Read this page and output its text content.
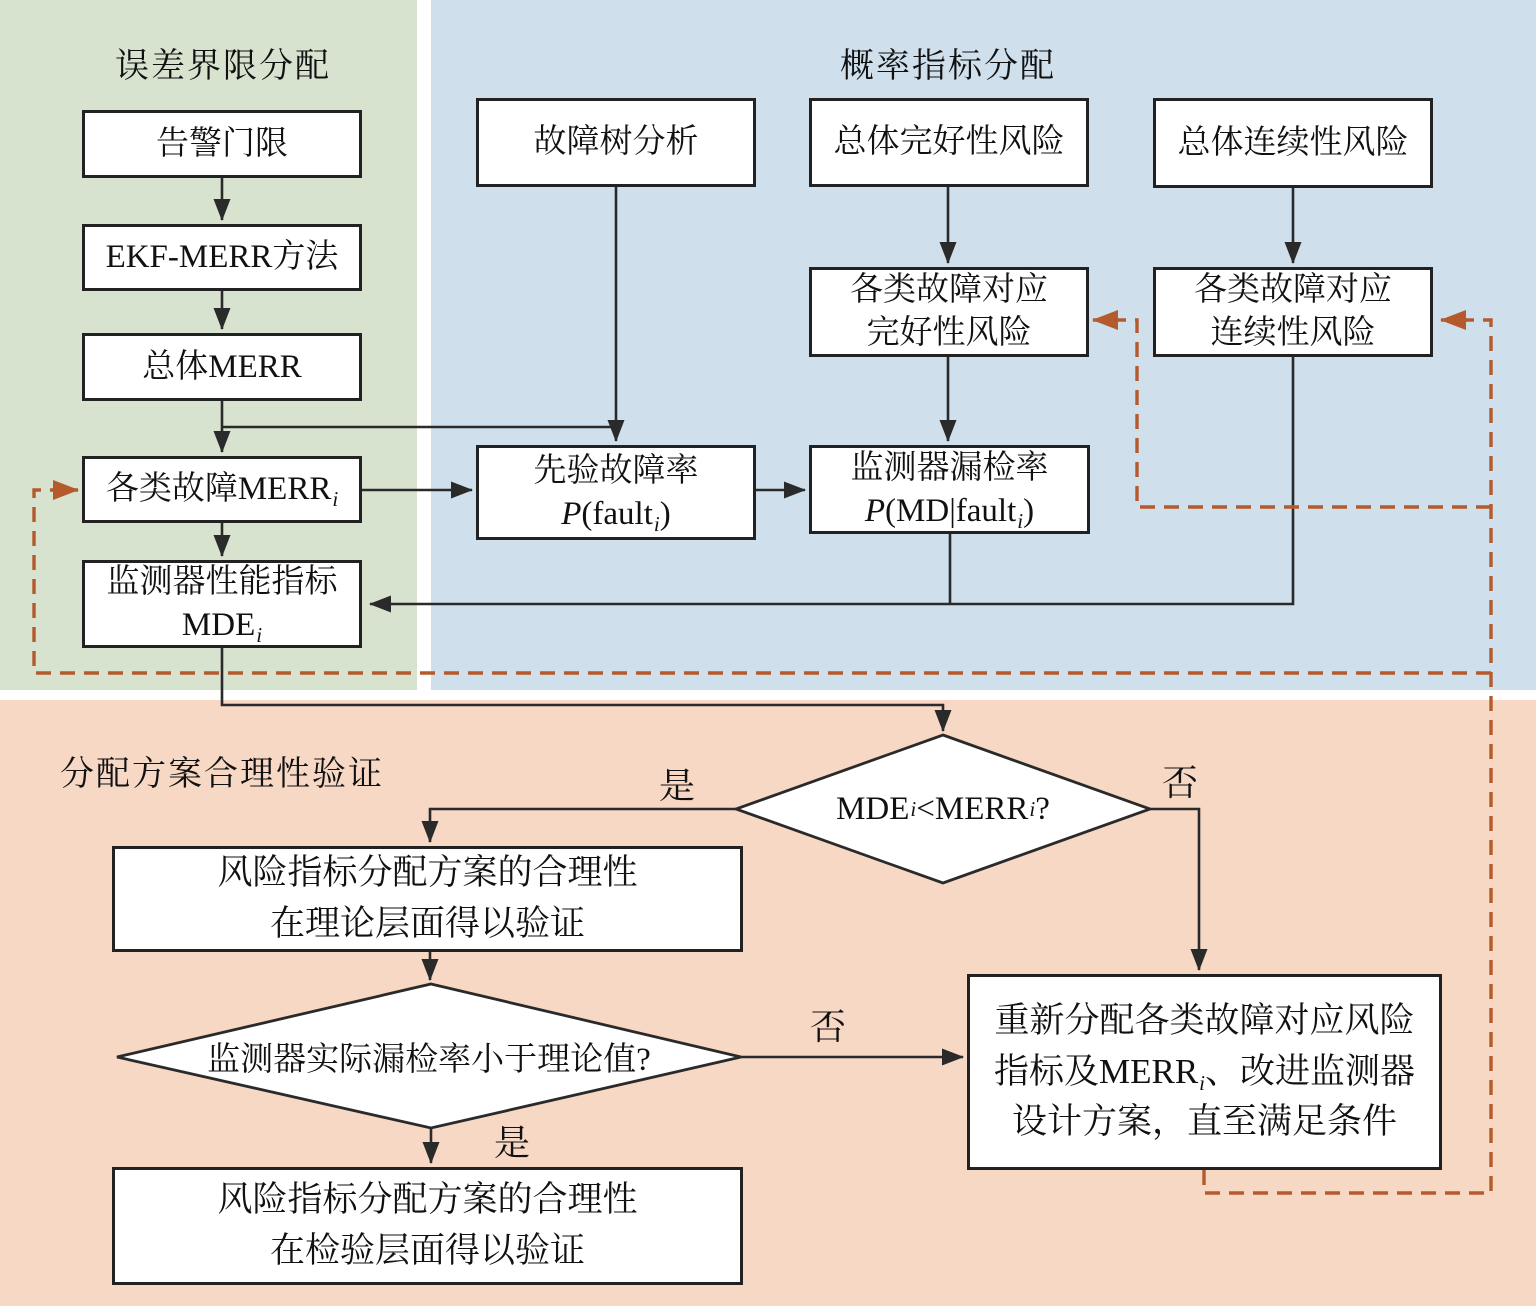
误差界限分配	概率指标分配
分配方案合理性验证
告警门限
EKF-MERR方法
总体MERR
各类故障$MERR_i$
监测器性能指标
$MDE_i$
故障树分析
先验故障率
P(fault$_i$)
总体完好性风险
各类故障对应
完好性风险
监测器漏检率
P(MD|fault$_i$)
总体连续性风险
各类故障对应
连续性风险
MDE <MERR ?
风险指标分配方案的合理性
在理论层面得以验证
监测器实际漏检率小于理论值?
重新分配各类故障对应风险
指标及$MERR_i$、改进监测器
设计方案，直至满足条件
风险指标分配方案的合理性
在检验层面得以验证
是	否
否
是
